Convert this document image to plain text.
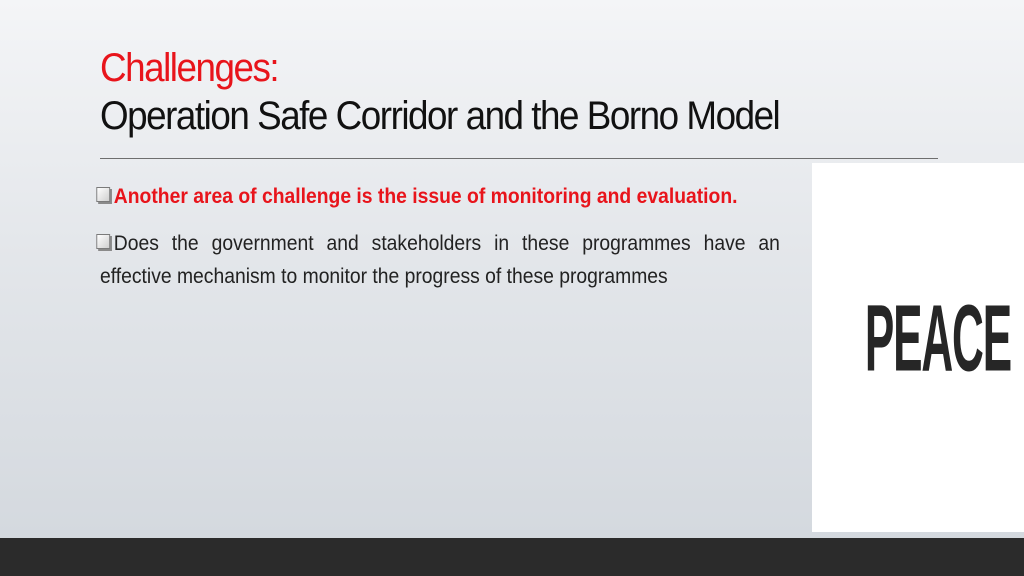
Challenges:
Operation Safe Corridor and the Borno Model

Another area of challenge is the issue of monitoring and evaluation.

Does the government and stakeholders in these programmes have an effective mechanism to monitor the progress of these programmes

PEACE
